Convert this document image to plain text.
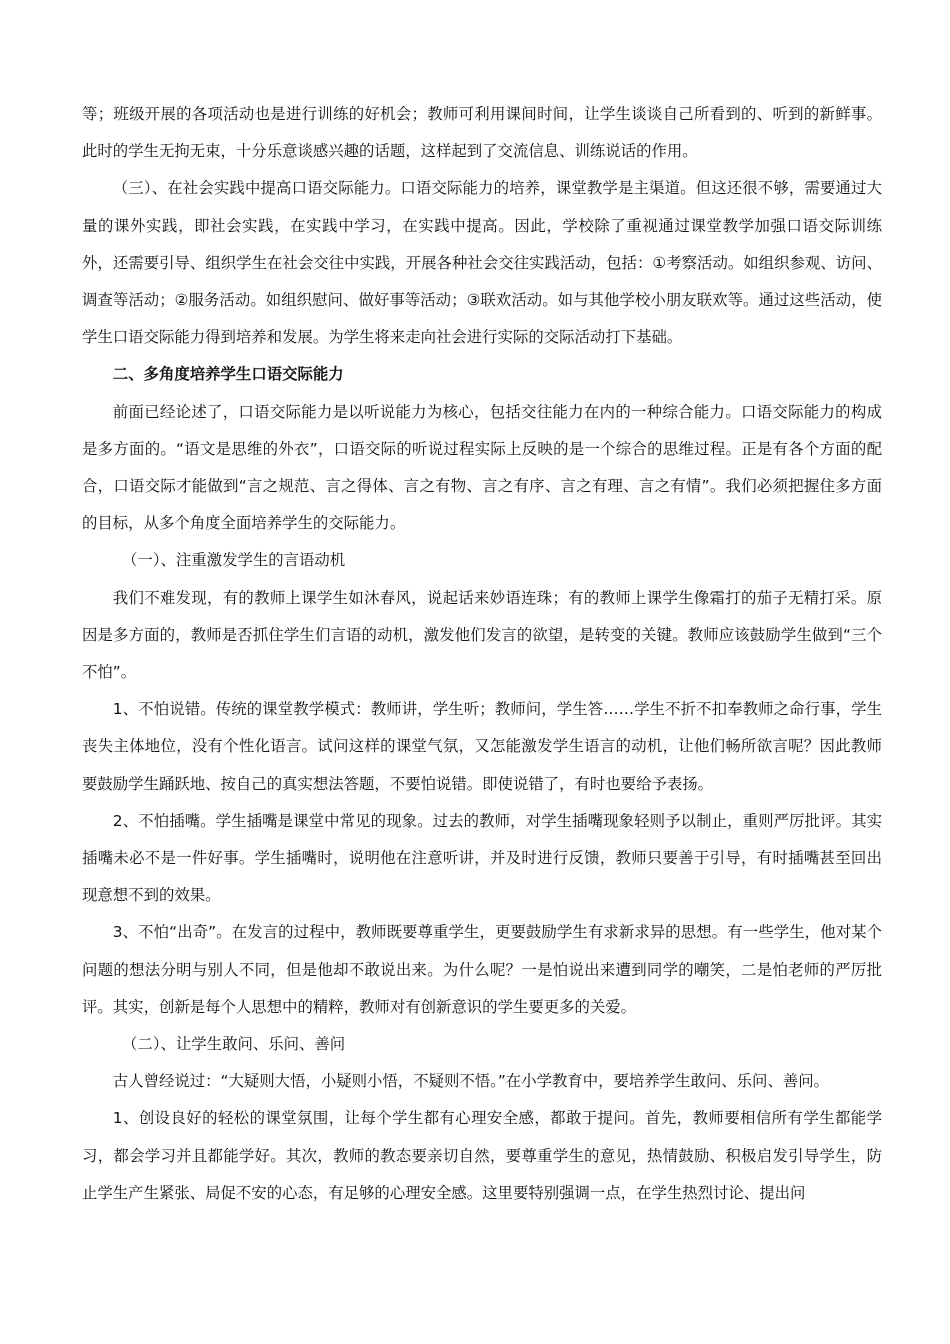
等；班级开展的各项活动也是进行训练的好机会；教师可利用课间时间，让学生谈谈自己所看到的、听到的新鲜事。此时的学生无拘无束，十分乐意谈感兴趣的话题，这样起到了交流信息、训练说话的作用。

（三）、在社会实践中提高口语交际能力。口语交际能力的培养，课堂教学是主渠道。但这还很不够，需要通过大量的课外实践，即社会实践，在实践中学习，在实践中提高。因此，学校除了重视通过课堂教学加强口语交际训练外，还需要引导、组织学生在社会交往中实践，开展各种社会交往实践活动，包括：①考察活动。如组织参观、访问、调查等活动；②服务活动。如组织慰问、做好事等活动；③联欢活动。如与其他学校小朋友联欢等。通过这些活动，使学生口语交际能力得到培养和发展。为学生将来走向社会进行实际的交际活动打下基础。

二、多角度培养学生口语交际能力

前面已经论述了，口语交际能力是以听说能力为核心，包括交往能力在内的一种综合能力。口语交际能力的构成是多方面的。“语文是思维的外衣”，口语交际的听说过程实际上反映的是一个综合的思维过程。正是有各个方面的配合，口语交际才能做到“言之规范、言之得体、言之有物、言之有序、言之有理、言之有情”。我们必须把握住多方面的目标，从多个角度全面培养学生的交际能力。

（一）、注重激发学生的言语动机

我们不难发现，有的教师上课学生如沐春风，说起话来妙语连珠；有的教师上课学生像霜打的茄子无精打采。原因是多方面的，教师是否抓住学生们言语的动机，激发他们发言的欲望，是转变的关键。教师应该鼓励学生做到“三个不怕”。

1、不怕说错。传统的课堂教学模式：教师讲，学生听；教师问，学生答……学生不折不扣奉教师之命行事，学生丧失主体地位，没有个性化语言。试问这样的课堂气氛，又怎能激发学生语言的动机，让他们畅所欲言呢？因此教师要鼓励学生踊跃地、按自己的真实想法答题，不要怕说错。即使说错了，有时也要给予表扬。

2、不怕插嘴。学生插嘴是课堂中常见的现象。过去的教师，对学生插嘴现象轻则予以制止，重则严厉批评。其实插嘴未必不是一件好事。学生插嘴时，说明他在注意听讲，并及时进行反馈，教师只要善于引导，有时插嘴甚至回出现意想不到的效果。

3、不怕“出奇”。在发言的过程中，教师既要尊重学生，更要鼓励学生有求新求异的思想。有一些学生，他对某个问题的想法分明与别人不同，但是他却不敢说出来。为什么呢？一是怕说出来遭到同学的嘲笑，二是怕老师的严厉批评。其实，创新是每个人思想中的精粹，教师对有创新意识的学生要更多的关爱。

（二）、让学生敢问、乐问、善问

古人曾经说过：“大疑则大悟，小疑则小悟，不疑则不悟。”在小学教育中，要培养学生敢问、乐问、善问。

1、创设良好的轻松的课堂氛围，让每个学生都有心理安全感，都敢于提问。首先，教师要相信所有学生都能学习，都会学习并且都能学好。其次，教师的教态要亲切自然，要尊重学生的意见，热情鼓励、积极启发引导学生，防止学生产生紧张、局促不安的心态，有足够的心理安全感。这里要特别强调一点，在学生热烈讨论、提出问
